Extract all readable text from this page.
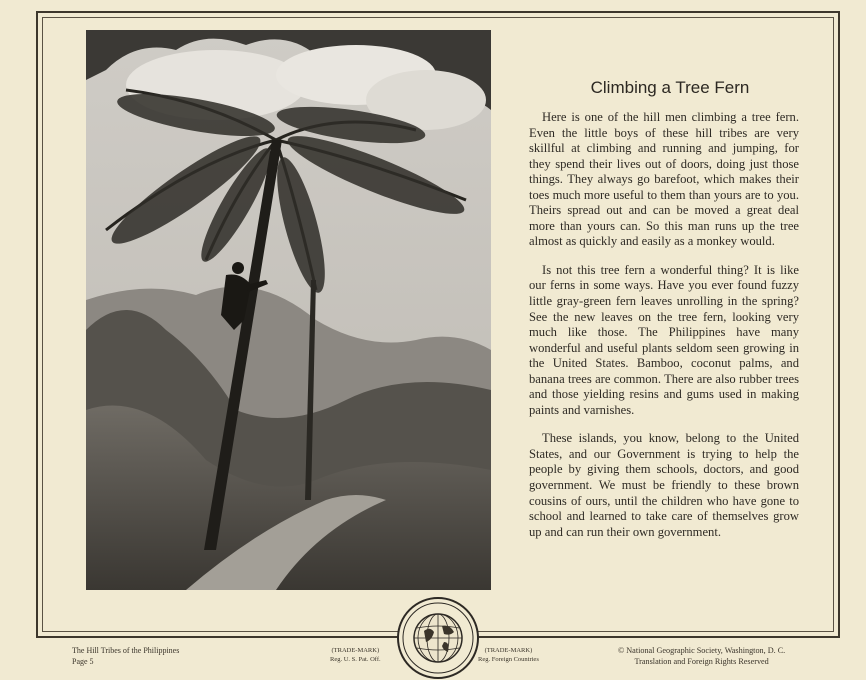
Climbing a Tree Fern

Here is one of the hill men climbing a tree fern. Even the little boys of these hill tribes are very skillful at climbing and running and jumping, for they spend their lives out of doors, doing just those things. They always go barefoot, which makes their toes much more useful to them than yours are to you. Theirs spread out and can be moved a great deal more than yours can. So this man runs up the tree almost as quickly and easily as a monkey would.

Is not this tree fern a wonderful thing? It is like our ferns in some ways. Have you ever found fuzzy little gray-green fern leaves unrolling in the spring? See the new leaves on the tree fern, looking very much like those. The Philippines have many wonderful and useful plants seldom seen growing in the United States. Bamboo, coconut palms, and banana trees are common. There are also rubber trees and those yielding resins and gums used in making paints and varnishes.

These islands, you know, belong to the United States, and our Government is trying to help the people by giving them schools, doctors, and good government. We must be friendly to these brown cousins of ours, until the children who have gone to school and learned to take care of themselves grow up and can run their own government.

The Hill Tribes of the Philippines
Page 5
(TRADE-MARK)
Reg. U. S. Pat. Off.
(TRADE-MARK)
Reg. Foreign Countries
© National Geographic Society, Washington, D. C.
Translation and Foreign Rights Reserved
